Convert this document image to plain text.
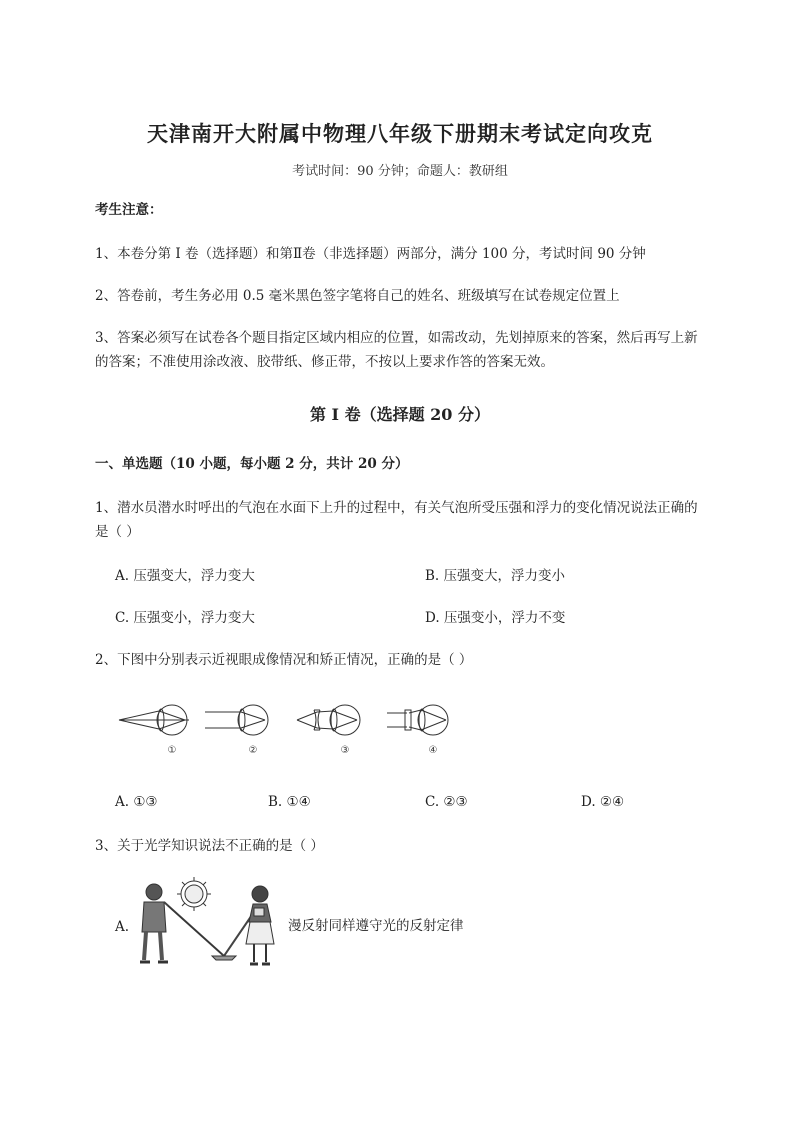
天津南开大附属中物理八年级下册期末考试定向攻克
考试时间：90 分钟；命题人：教研组
考生注意：
1、本卷分第 I 卷（选择题）和第Ⅱ卷（非选择题）两部分，满分 100 分，考试时间 90 分钟
2、答卷前，考生务必用 0.5 毫米黑色签字笔将自己的姓名、班级填写在试卷规定位置上
3、答案必须写在试卷各个题目指定区域内相应的位置，如需改动，先划掉原来的答案，然后再写上新
的答案；不准使用涂改液、胶带纸、修正带，不按以上要求作答的答案无效。
第 I 卷（选择题 20 分）
一、单选题（10 小题，每小题 2 分，共计 20 分）
1、潜水员潜水时呼出的气泡在水面下上升的过程中，有关气泡所受压强和浮力的变化情况说法正确的
是（ ）
A. 压强变大，浮力变大	B. 压强变大，浮力变小
C. 压强变小，浮力变大	D. 压强变小，浮力不变
2、下图中分别表示近视眼成像情况和矫正情况，正确的是（ ）
①	②	③	④
A. ①③	B. ①④	C. ②③	D. ②④
3、关于光学知识说法不正确的是（ ）
A.	漫反射同样遵守光的反射定律
